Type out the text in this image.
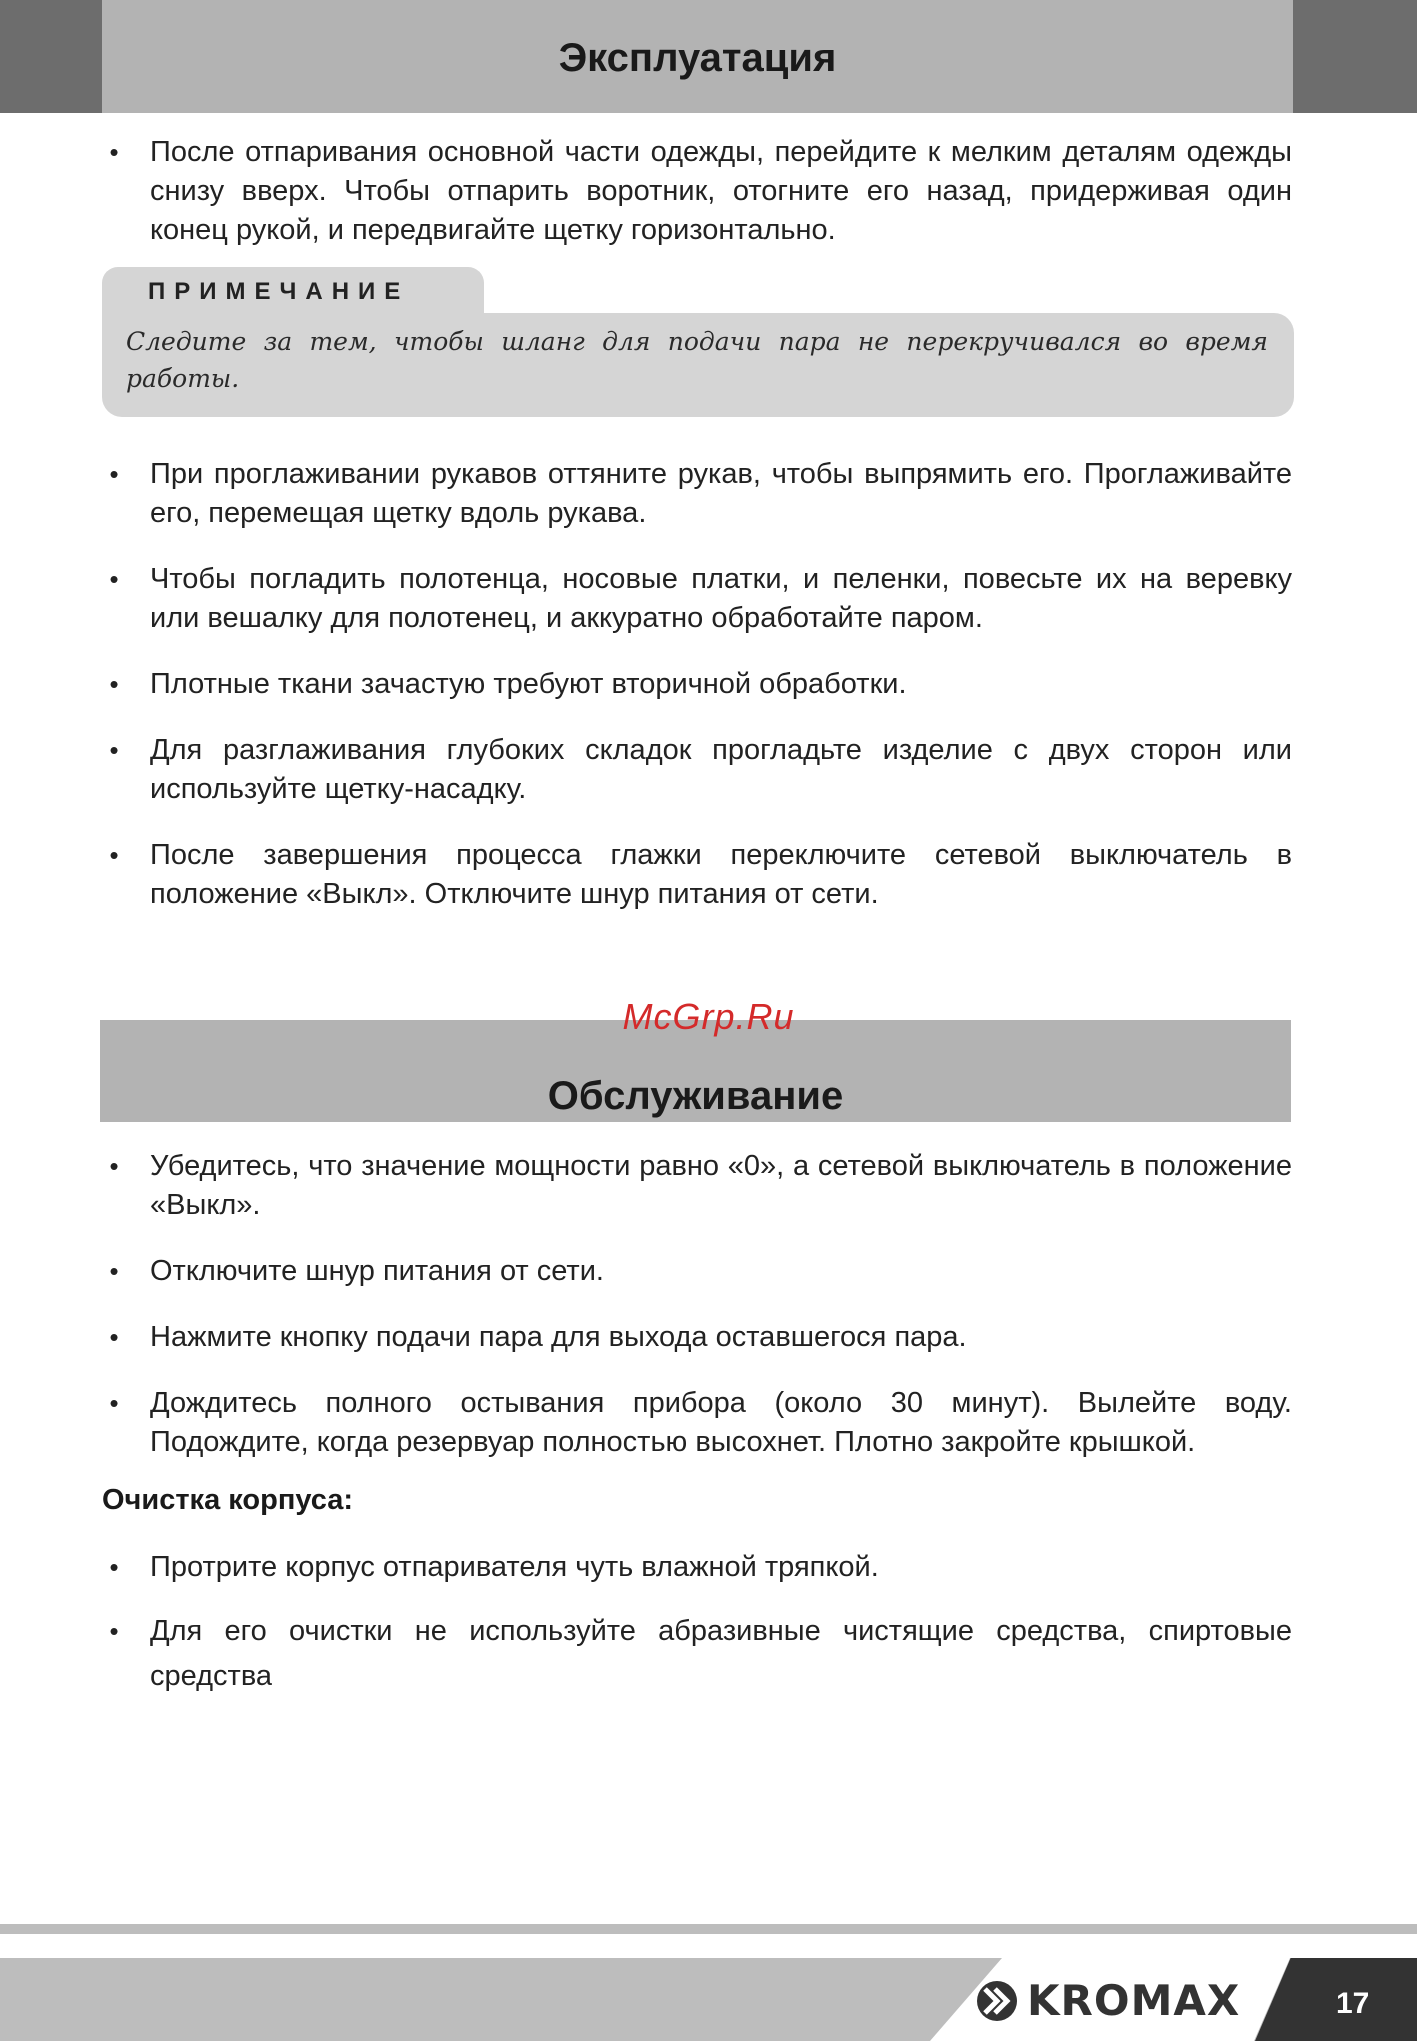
Эксплуатация
• После отпаривания основной части одежды, перейдите к мелким деталям одежды снизу вверх. Чтобы отпарить воротник, отогните его назад, придерживая один конец рукой, и передвигайте щетку горизонтально.
ПРИМЕЧАНИЕ

Следите за тем, чтобы шланг для подачи пара не перекручивался во время работы.

• При проглаживании рукавов оттяните рукав, чтобы выпрямить его. Проглаживайте его, перемещая щетку вдоль рукава.
• Чтобы погладить полотенца, носовые платки, и пеленки, повесьте их на веревку или вешалку для полотенец, и аккуратно обработайте паром.
• Плотные ткани зачастую требуют вторичной обработки.
• Для разглаживания глубоких складок прогладьте изделие с двух сторон или используйте щетку-насадку.
• После завершения процесса глажки переключите сетевой выключатель в положение «Выкл». Отключите шнур питания от сети.
Обслуживание
McGrp.Ru
• Убедитесь, что значение мощности равно «0», а сетевой выключатель в положение «Выкл».
• Отключите шнур питания от сети.
• Нажмите кнопку подачи пара для выхода оставшегося пара.
• Дождитесь полного остывания прибора (около 30 минут). Вылейте воду. Подождите, когда резервуар полностью высохнет. Плотно закройте крышкой.
Очистка корпуса:
• Протрите корпус отпаривателя чуть влажной тряпкой.
• Для его очистки не используйте абразивные чистящие средства, спиртовые средства
KROMAX	17
